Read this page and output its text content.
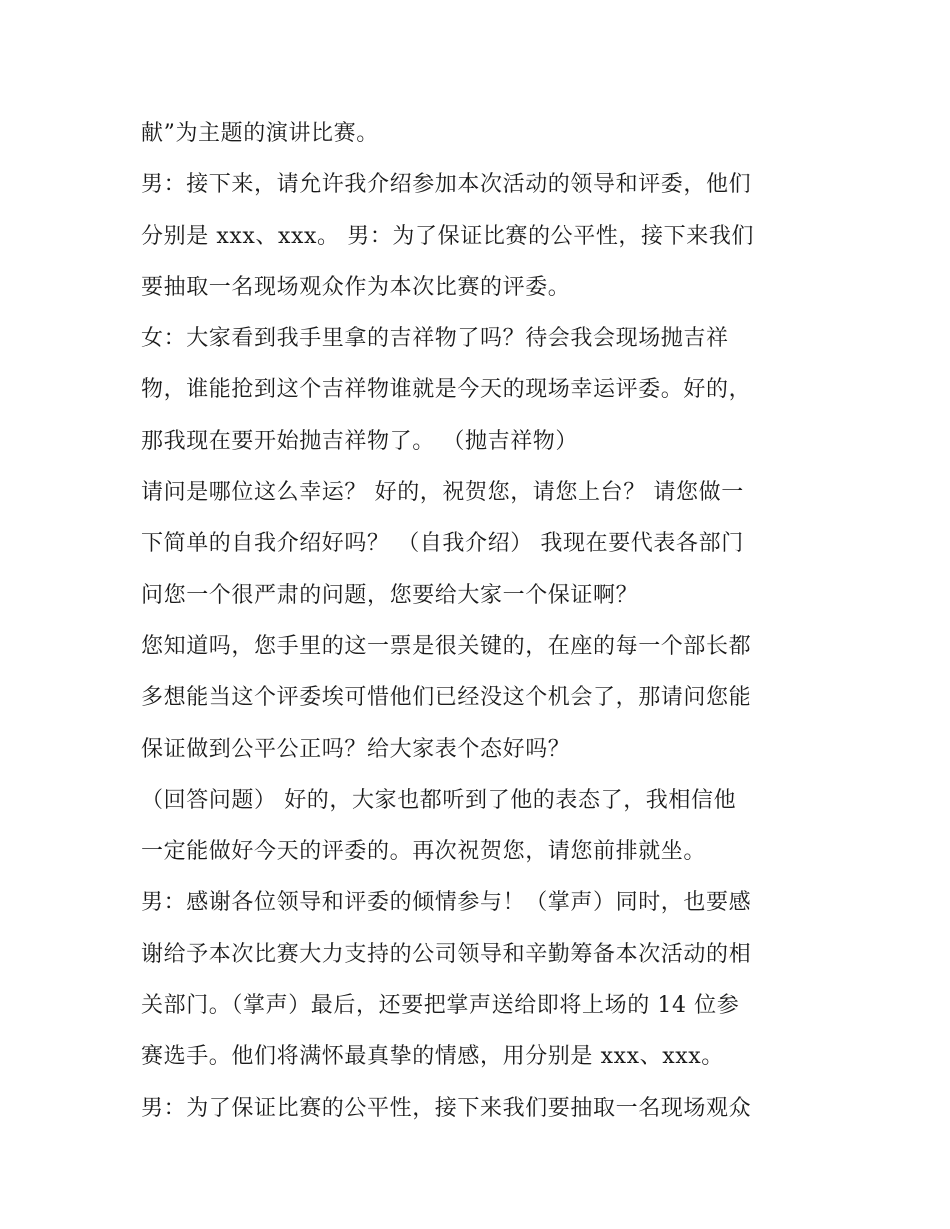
献”为主题的演讲比赛。
男：接下来，请允许我介绍参加本次活动的领导和评委，他们
分别是 xxx、xxx。 男：为了保证比赛的公平性，接下来我们
要抽取一名现场观众作为本次比赛的评委。
女：大家看到我手里拿的吉祥物了吗？待会我会现场抛吉祥
物，谁能抢到这个吉祥物谁就是今天的现场幸运评委。好的，
那我现在要开始抛吉祥物了。 （抛吉祥物）
请问是哪位这么幸运？ 好的，祝贺您，请您上台？ 请您做一
下简单的自我介绍好吗？ （自我介绍） 我现在要代表各部门
问您一个很严肃的问题，您要给大家一个保证啊？
您知道吗，您手里的这一票是很关键的，在座的每一个部长都
多想能当这个评委埃可惜他们已经没这个机会了，那请问您能
保证做到公平公正吗？给大家表个态好吗？
（回答问题） 好的，大家也都听到了他的表态了，我相信他
一定能做好今天的评委的。再次祝贺您，请您前排就坐。
男：感谢各位领导和评委的倾情参与！（掌声）同时，也要感
谢给予本次比赛大力支持的公司领导和辛勤筹备本次活动的相
关部门。（掌声）最后，还要把掌声送给即将上场的 14 位参
赛选手。他们将满怀最真挚的情感，用分别是 xxx、xxx。
男：为了保证比赛的公平性，接下来我们要抽取一名现场观众
